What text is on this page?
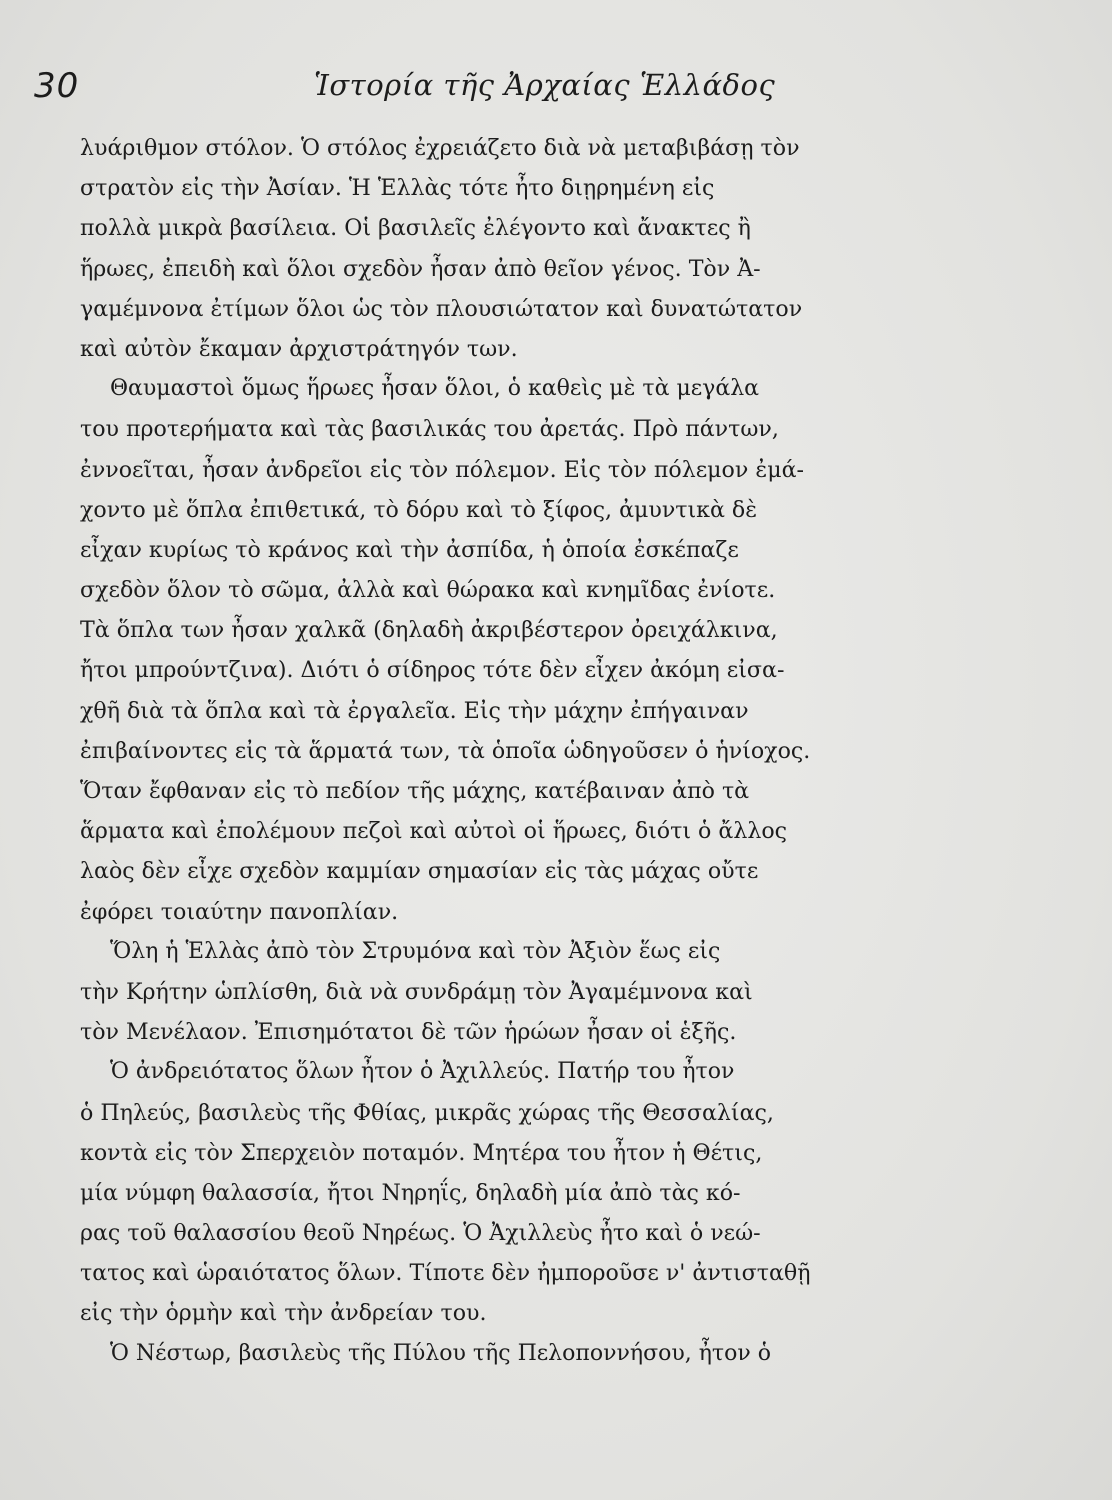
30	Ἱστορία τῆς Ἀρχαίας Ἑλλάδος
λυάριθμον στόλον. Ὁ στόλος ἐχρειάζετο διὰ νὰ μεταβιβάσῃ τὸν
στρατὸν εἰς τὴν Ἀσίαν. Ἡ Ἑλλὰς τότε ἦτο διῃρημένη εἰς
πολλὰ μικρὰ βασίλεια. Οἱ βασιλεῖς ἐλέγοντο καὶ ἄνακτες ἢ
ἥρωες, ἐπειδὴ καὶ ὅλοι σχεδὸν ἦσαν ἀπὸ θεῖον γένος. Τὸν Ἀ-
γαμέμνονα ἐτίμων ὅλοι ὡς τὸν πλουσιώτατον καὶ δυνατώτατον
καὶ αὐτὸν ἔκαμαν ἀρχιστράτηγόν των.
Θαυμαστοὶ ὅμως ἥρωες ἦσαν ὅλοι, ὁ καθεὶς μὲ τὰ μεγάλα
του προτερήματα καὶ τὰς βασιλικάς του ἀρετάς. Πρὸ πάντων,
ἐννοεῖται, ἦσαν ἀνδρεῖοι εἰς τὸν πόλεμον. Εἰς τὸν πόλεμον ἐμά-
χοντο μὲ ὅπλα ἐπιθετικά, τὸ δόρυ καὶ τὸ ξίφος, ἀμυντικὰ δὲ
εἶχαν κυρίως τὸ κράνος καὶ τὴν ἀσπίδα, ἡ ὁποία ἐσκέπαζε
σχεδὸν ὅλον τὸ σῶμα, ἀλλὰ καὶ θώρακα καὶ κνημῖδας ἐνίοτε.
Τὰ ὅπλα των ἦσαν χαλκᾶ (δηλαδὴ ἀκριβέστερον ὀρειχάλκινα,
ἤτοι μπρούντζινα). Διότι ὁ σίδηρος τότε δὲν εἶχεν ἀκόμη εἰσα-
χθῆ διὰ τὰ ὅπλα καὶ τὰ ἐργαλεῖα. Εἰς τὴν μάχην ἐπήγαιναν
ἐπιβαίνοντες εἰς τὰ ἅρματά των, τὰ ὁποῖα ὡδηγοῦσεν ὁ ἡνίοχος.
Ὅταν ἔφθαναν εἰς τὸ πεδίον τῆς μάχης, κατέβαιναν ἀπὸ τὰ
ἅρματα καὶ ἐπολέμουν πεζοὶ καὶ αὐτοὶ οἱ ἥρωες, διότι ὁ ἄλλος
λαὸς δὲν εἶχε σχεδὸν καμμίαν σημασίαν εἰς τὰς μάχας οὔτε
ἐφόρει τοιαύτην πανοπλίαν.
Ὅλη ἡ Ἑλλὰς ἀπὸ τὸν Στρυμόνα καὶ τὸν Ἀξιὸν ἕως εἰς
τὴν Κρήτην ὡπλίσθη, διὰ νὰ συνδράμῃ τὸν Ἀγαμέμνονα καὶ
τὸν Μενέλαον. Ἐπισημότατοι δὲ τῶν ἡρώων ἦσαν οἱ ἑξῆς.
Ὁ ἀνδρειότατος ὅλων ἦτον ὁ Ἀχιλλεύς. Πατήρ του ἦτον
ὁ Πηλεύς, βασιλεὺς τῆς Φθίας, μικρᾶς χώρας τῆς Θεσσαλίας,
κοντὰ εἰς τὸν Σπερχειὸν ποταμόν. Μητέρα του ἦτον ἡ Θέτις,
μία νύμφη θαλασσία, ἤτοι Νηρηΐς, δηλαδὴ μία ἀπὸ τὰς κό-
ρας τοῦ θαλασσίου θεοῦ Νηρέως. Ὁ Ἀχιλλεὺς ἦτο καὶ ὁ νεώ-
τατος καὶ ὡραιότατος ὅλων. Τίποτε δὲν ἠμποροῦσε ν' ἀντισταθῇ
εἰς τὴν ὁρμὴν καὶ τὴν ἀνδρείαν του.
Ὁ Νέστωρ, βασιλεὺς τῆς Πύλου τῆς Πελοποννήσου, ἦτον ὁ
